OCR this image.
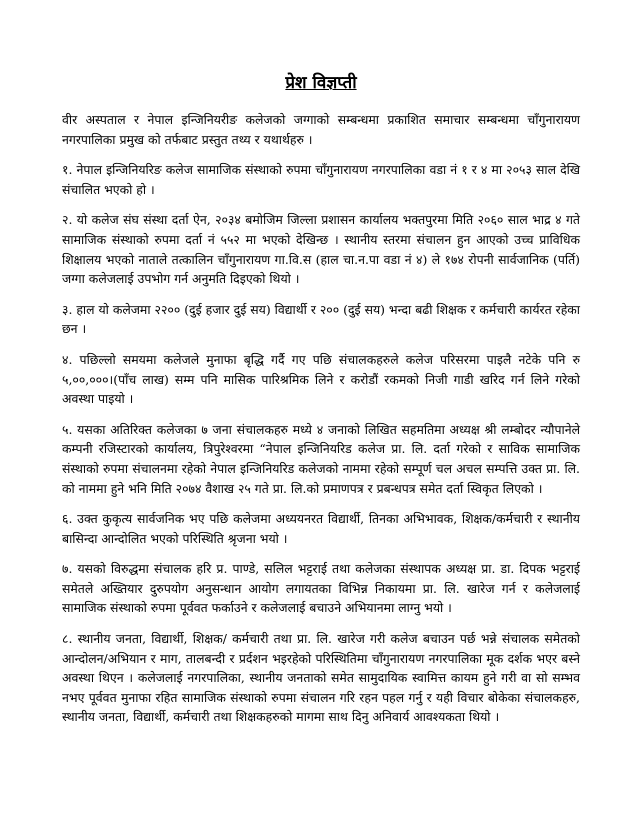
प्रेश विज्ञप्ती

वीर अस्पताल र नेपाल इन्जिनियरीङ कलेजको जग्गाको सम्बन्धमा प्रकाशित समाचार सम्बन्धमा चाँगुनारायण नगरपालिका प्रमुख को तर्फबाट प्रस्तुत तथ्य र यथार्थहरु ।

१. नेपाल इन्जिनियरिङ कलेज सामाजिक संस्थाको रुपमा चाँगुनारायण नगरपालिका वडा नं १ र ४ मा २०५३ साल देखि संचालित भएको हो ।

२. यो कलेज संघ संस्था दर्ता ऐन, २०३४ बमोजिम जिल्ला प्रशासन कार्यालय भक्तपुरमा मिति २०६० साल भाद्र ४ गते सामाजिक संस्थाको रुपमा दर्ता नं ५५२ मा भएको देखिन्छ । स्थानीय स्तरमा संचालन हुन आएको उच्च प्राविधिक शिक्षालय भएको नाताले तत्कालिन चाँगुनारायण गा.वि.स (हाल चा.न.पा वडा नं ४) ले १७४ रोपनी सार्वजानिक (पर्ति) जग्गा कलेजलाई उपभोग गर्न अनुमति दिइएको थियो ।

३. हाल यो कलेजमा २२०० (दुई हजार दुई सय) विद्यार्थी र २०० (दुई सय) भन्दा बढी शिक्षक र कर्मचारी कार्यरत रहेका छन ।

४. पछिल्लो समयमा कलेजले मुनाफा बृद्धि गर्दै गए पछि संचालकहरुले कलेज परिसरमा पाइलै नटेके पनि रु ५,००,०००।(पाँच लाख) सम्म पनि मासिक पारिश्रमिक लिने र करोडौं रकमको निजी गाडी खरिद गर्न लिने गरेको अवस्था पाइयो ।

५. यसका अतिरिक्त कलेजका ७ जना संचालकहरु मध्ये ४ जनाको लिखित सहमतिमा अध्यक्ष श्री लम्बोदर न्यौपानेले कम्पनी रजिस्टारको कार्यालय, त्रिपुरेश्वरमा “नेपाल इन्जिनियरिड कलेज प्रा. लि. दर्ता गरेको र साविक सामाजिक संस्थाको रुपमा संचालनमा रहेको नेपाल इन्जिनियरिड कलेजको नाममा रहेको सम्पूर्ण चल अचल सम्पत्ति उक्त प्रा. लि. को नाममा हुने भनि मिति २०७४ वैशाख २५ गते प्रा. लि.को प्रमाणपत्र र प्रबन्धपत्र समेत दर्ता स्विकृत लिएको ।

६. उक्त कुकृत्य सार्वजनिक भए पछि कलेजमा अध्ययनरत विद्यार्थी, तिनका अभिभावक, शिक्षक/कर्मचारी र स्थानीय बासिन्दा आन्दोलित भएको परिस्थिति श्रृजना भयो ।

७. यसको विरुद्धमा संचालक हरि प्र. पाण्डे, सलिल भट्टराई तथा कलेजका संस्थापक अध्यक्ष प्रा. डा. दिपक भट्टराई समेतले अख्तियार दुरुपयोग अनुसन्धान आयोग लगायतका विभिन्न निकायमा प्रा. लि. खारेज गर्न र कलेजलाई सामाजिक संस्थाको रुपमा पूर्ववत फर्काउने र कलेजलाई बचाउने अभियानमा लाग्नु भयो ।

८. स्थानीय जनता, विद्यार्थी, शिक्षक/ कर्मचारी तथा प्रा. लि. खारेज गरी कलेज बचाउन पर्छ भन्ने संचालक समेतको आन्दोलन/अभियान र माग, तालबन्दी र प्रर्दशन भइरहेको परिस्थितिमा चाँगुनारायण नगरपालिका मूक दर्शक भएर बस्ने अवस्था थिएन । कलेजलाई नगरपालिका, स्थानीय जनताको समेत सामुदायिक स्वामित्त कायम हुने गरी वा सो सम्भव नभए पूर्ववत मुनाफा रहित सामाजिक संस्थाको रुपमा संचालन गरि रहन पहल गर्नु र यही विचार बोकेका संचालकहरु, स्थानीय जनता, विद्यार्थी, कर्मचारी तथा शिक्षकहरुको मागमा साथ दिनु अनिवार्य आवश्यकता थियो ।
